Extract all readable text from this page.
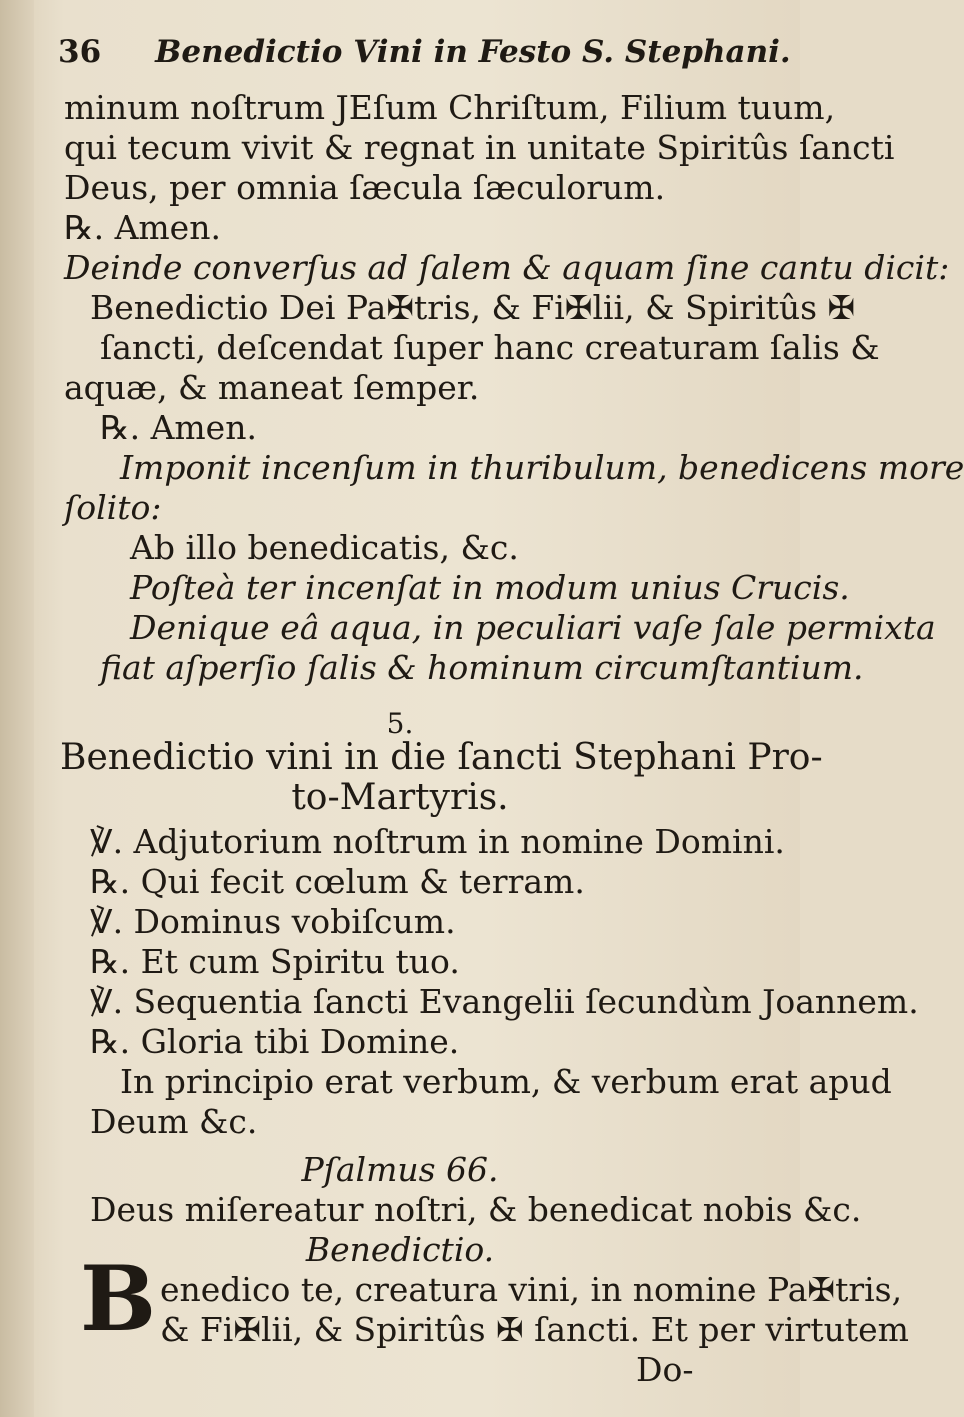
36 Benedictio Vini in Festo S. Stephani.
minum noſtrum JEſum Chriſtum, Filium tuum,
qui tecum vivit & regnat in unitate Spiritûs ſancti
Deus, per omnia ſæcula ſæculorum.
℞. Amen.
Deinde converſus ad ſalem & aquam ſine cantu dicit:
Benedictio Dei Pa✠tris, & Fi✠lii, & Spiritûs ✠
ſancti, deſcendat ſuper hanc creaturam ſalis &
aquæ, & maneat ſemper.
℞. Amen.
Imponit incenſum in thuribulum, benedicens more
ſolito:
Ab illo benedicatis, &c.
Poſteà ter incenſat in modum unius Crucis.
Denique eâ aqua, in peculiari vaſe ſale permixta
fiat aſperſio ſalis & hominum circumſtantium.
5.
Benedictio vini in die ſancti Stephani Pro-
to-Martyris.
℣. Adjutorium noſtrum in nomine Domini.
℞. Qui fecit cœlum & terram.
℣. Dominus vobiſcum.
℞. Et cum Spiritu tuo.
℣. Sequentia ſancti Evangelii ſecundùm Joannem.
℞. Gloria tibi Domine.
In principio erat verbum, & verbum erat apud
Deum &c.
Pſalmus 66.
Deus miſereatur noſtri, & benedicat nobis &c.
Benedictio.
B enedico te, creatura vini, in nomine Pa✠tris,
& Fi✠lii, & Spiritûs ✠ ſancti. Et per virtutem
Do-
